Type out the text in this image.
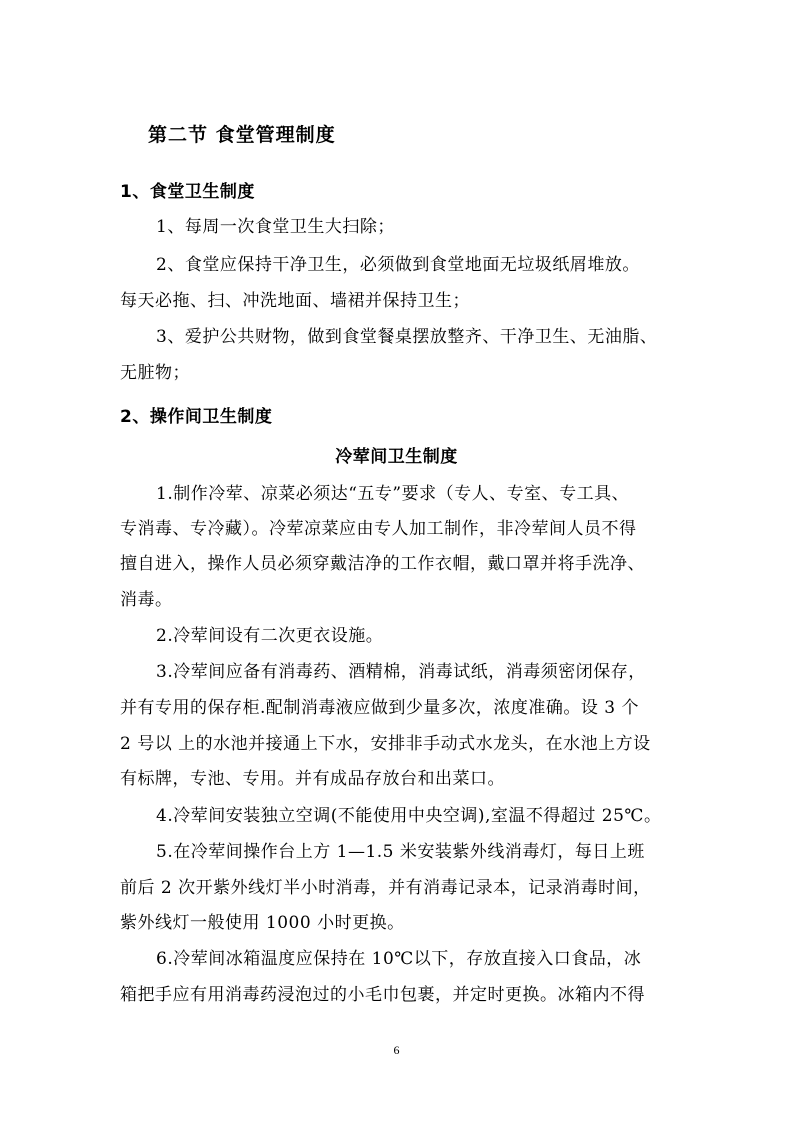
第二节 食堂管理制度
1、食堂卫生制度
1、每周一次食堂卫生大扫除；
2、食堂应保持干净卫生，必须做到食堂地面无垃圾纸屑堆放。
每天必拖、扫、冲洗地面、墙裙并保持卫生；
3、爱护公共财物，做到食堂餐桌摆放整齐、干净卫生、无油脂、
无脏物；
2、操作间卫生制度
冷荤间卫生制度
1.制作冷荤、凉菜必须达“五专”要求（专人、专室、专工具、
专消毒、专冷藏）。冷荤凉菜应由专人加工制作，非冷荤间人员不得
擅自进入，操作人员必须穿戴洁净的工作衣帽，戴口罩并将手洗净、
消毒。
2.冷荤间设有二次更衣设施。
3.冷荤间应备有消毒药、酒精棉，消毒试纸，消毒须密闭保存，
并有专用的保存柜.配制消毒液应做到少量多次，浓度准确。设 3 个
2 号以 上的水池并接通上下水，安排非手动式水龙头，在水池上方设
有标牌，专池、专用。并有成品存放台和出菜口。
4.冷荤间安装独立空调(不能使用中央空调),室温不得超过 25℃。
5.在冷荤间操作台上方 1—1.5 米安装紫外线消毒灯，每日上班
前后 2 次开紫外线灯半小时消毒，并有消毒记录本，记录消毒时间，
紫外线灯一般使用 1000 小时更换。
6.冷荤间冰箱温度应保持在 10℃以下，存放直接入口食品，冰
箱把手应有用消毒药浸泡过的小毛巾包裹，并定时更换。冰箱内不得
6
